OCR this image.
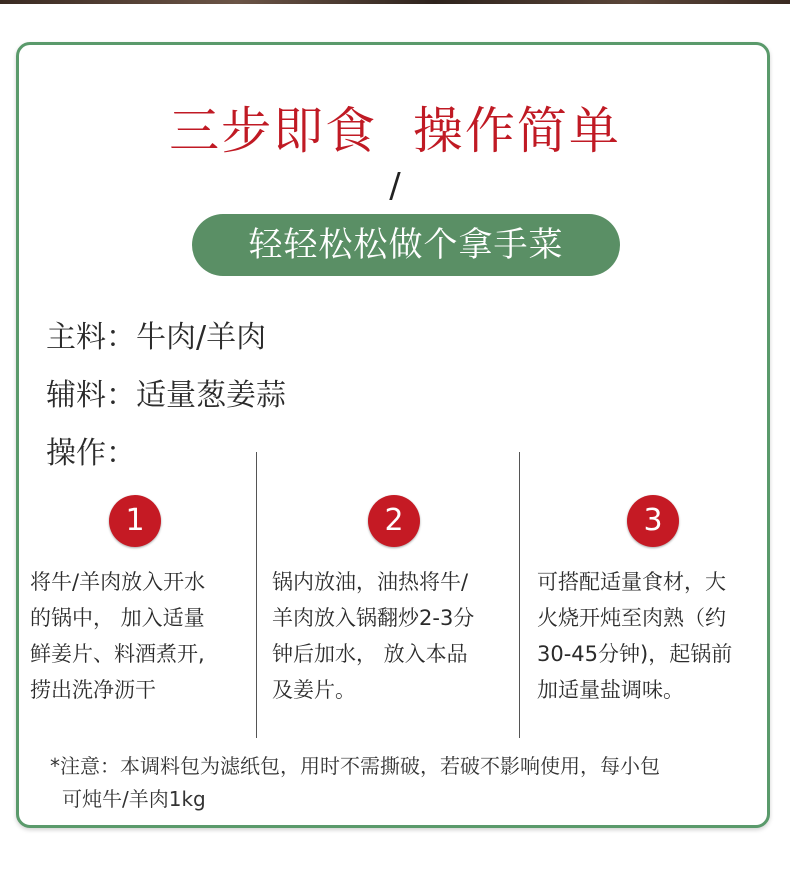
三步即食  操作简单
/
轻轻松松做个拿手菜
主料：牛肉/羊肉
辅料：适量葱姜蒜
操作：
1
将牛/羊肉放入开水
的锅中， 加入适量
鲜姜片、料酒煮开,
捞出洗净沥干
2
锅内放油，油热将牛/
羊肉放入锅翻炒2-3分
钟后加水， 放入本品
及姜片。
3
可搭配适量食材，大
火烧开炖至肉熟（约
30-45分钟)，起锅前
加适量盐调味。
*注意：本调料包为滤纸包，用时不需撕破，若破不影响使用，每小包
可炖牛/羊肉1kg
